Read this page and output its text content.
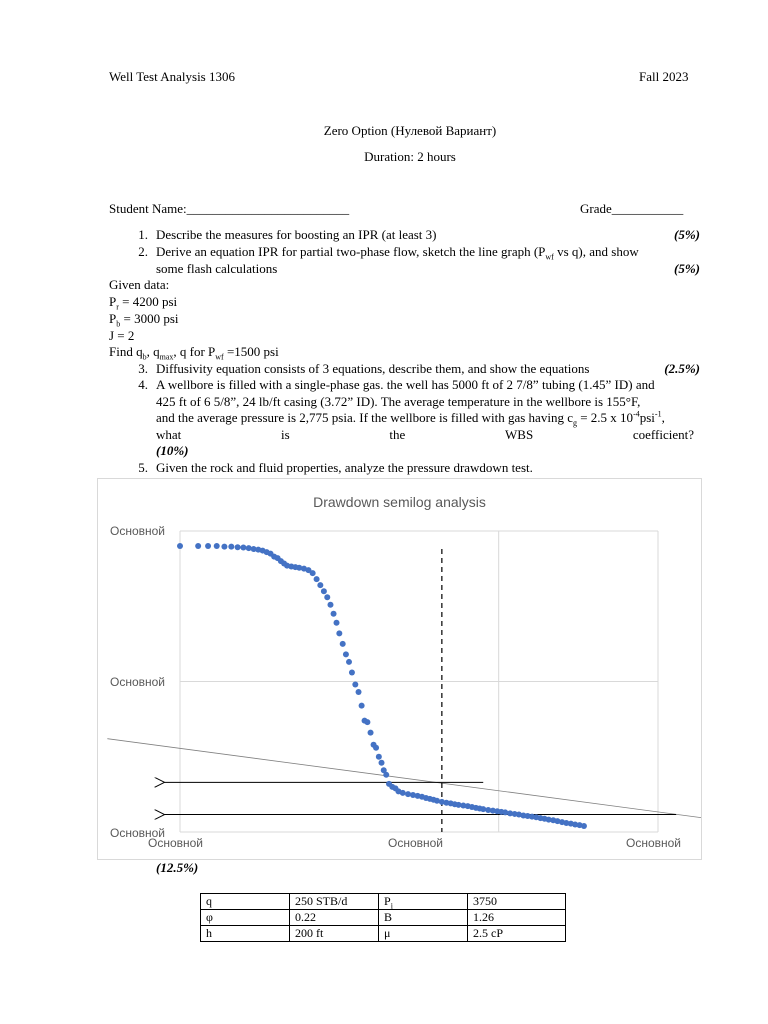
Well Test Analysis 1306	Fall 2023
Zero Option (Нулевой Вариант)
Duration: 2 hours
Student Name:_________________________	Grade___________
1. Describe the measures for boosting an IPR (at least 3)	(5%)
2. Derive an equation IPR for partial two-phase flow, sketch the line graph ($P_{wf}$ vs q), and show
some flash calculations	(5%)
Given data:
$P_r = 4200$ psi
$P_b = 3000$ psi
J = 2
Find $q_b$, $q_{max}$, q for $P_{wf} =1500$ psi
3. Diffusivity equation consists of 3 equations, describe them, and show the equations	(2.5%)
4. A wellbore is filled with a single-phase gas. the well has 5000 ft of 2 7/8” tubing (1.45” ID) and
425 ft of 6 5/8”, 24 lb/ft casing (3.72” ID). The average temperature in the wellbore is 155°F,
and the average pressure is 2,775 psia. If the wellbore is filled with gas having $c_g = 2.5$ x $10^{-4}psi^{-1}$,
what	is	the	WBS	coefficient?
(10%)
5. Given the rock and fluid properties, analyze the pressure drawdown test.
Drawdown semilog analysis
Основной
Основной
Основной
Основной	Основной	Основной
(12.5%)
q	250 STB/d	$P_i$	3750
φ	0.22	B	1.26
h	200 ft	μ	2.5 cP
